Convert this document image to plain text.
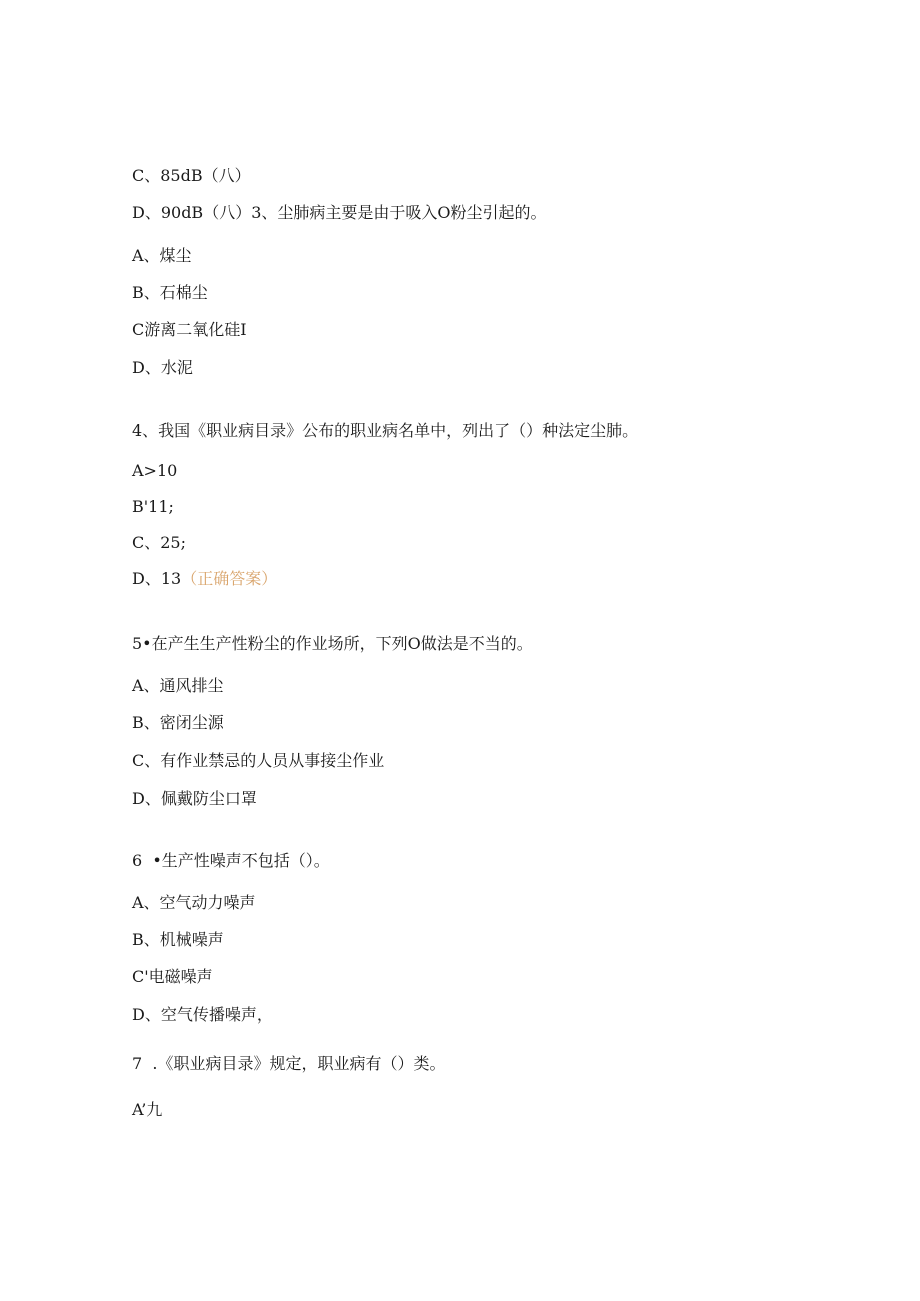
C、85dB（八）
D、90dB（八）3、尘肺病主要是由于吸入O粉尘引起的。
A、煤尘
B、石棉尘
C游离二氧化硅I
D、水泥
4、我国《职业病目录》公布的职业病名单中，列出了（）种法定尘肺。
A>10
B'11;
C、25;
D、13（正确答案）
5•在产生生产性粉尘的作业场所，下列O做法是不当的。
A、通风排尘
B、密闭尘源
C、有作业禁忌的人员从事接尘作业
D、佩戴防尘口罩
6  •生产性噪声不包括（）。
A、空气动力噪声
B、机械噪声
C'电磁噪声
D、空气传播噪声，
7  .《职业病目录》规定，职业病有（）类。
A’九
